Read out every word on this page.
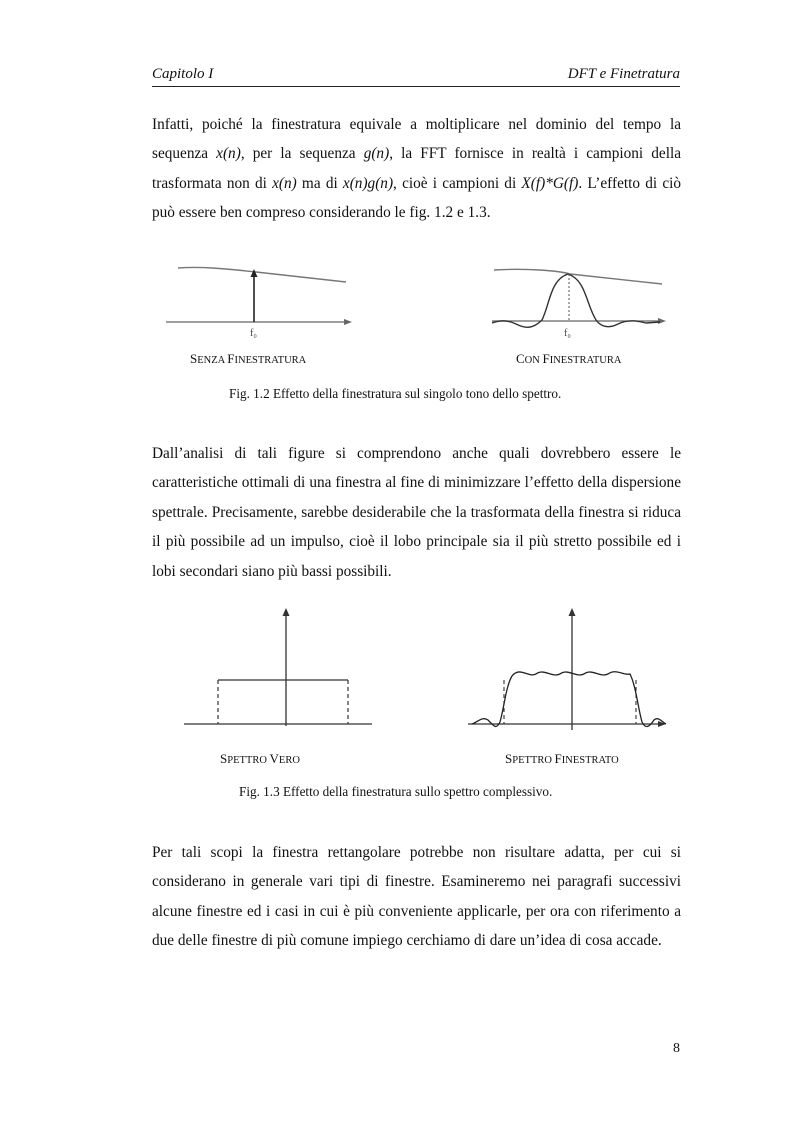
Capitolo I	DFT e Finetratura

Infatti, poiché la finestratura equivale a moltiplicare nel dominio del tempo la sequenza x(n), per la sequenza g(n), la FFT fornisce in realtà i campioni della trasformata non di x(n) ma di x(n)g(n), cioè i campioni di X(f)*G(f). L’effetto di ciò può essere ben compreso considerando le fig. 1.2 e 1.3.

f₀	f₀
SENZA FINESTRATURA	CON FINESTRATURA
Fig. 1.2 Effetto della finestratura sul singolo tono dello spettro.

Dall’analisi di tali figure si comprendono anche quali dovrebbero essere le caratteristiche ottimali di una finestra al fine di minimizzare l’effetto della dispersione spettrale. Precisamente, sarebbe desiderabile che la trasformata della finestra si riduca il più possibile ad un impulso, cioè il lobo principale sia il più stretto possibile ed i lobi secondari siano più bassi possibili.

SPETTRO VERO	SPETTRO FINESTRATO
Fig. 1.3 Effetto della finestratura sullo spettro complessivo.

Per tali scopi la finestra rettangolare potrebbe non risultare adatta, per cui si considerano in generale vari tipi di finestre. Esamineremo nei paragrafi successivi alcune finestre ed i casi in cui è più conveniente applicarle, per ora con riferimento a due delle finestre di più comune impiego cerchiamo di dare un’idea di cosa accade.

8
